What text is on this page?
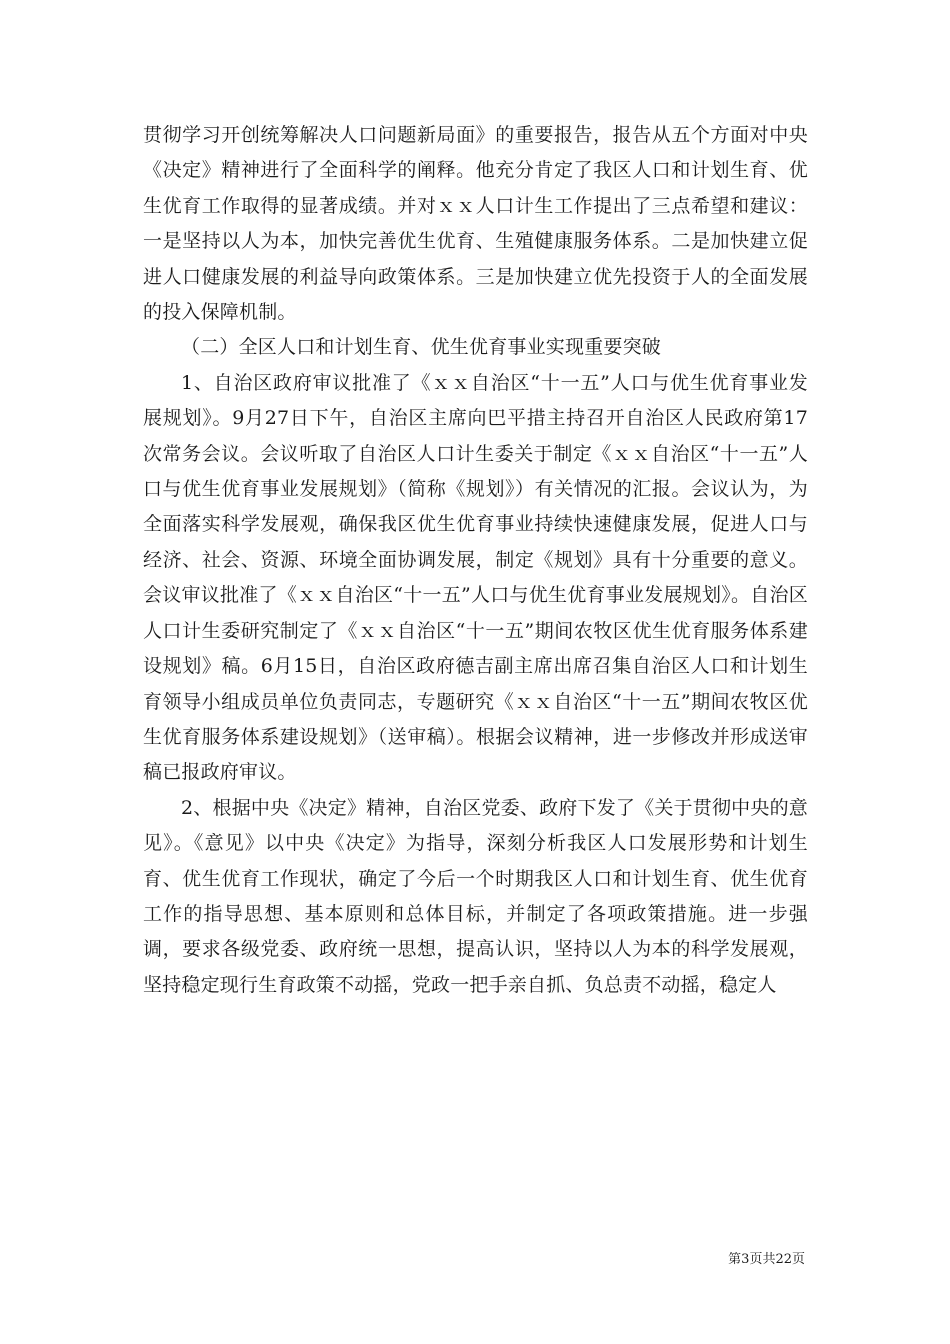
贯彻学习开创统筹解决人口问题新局面》的重要报告，报告从五个方面对中央《决定》精神进行了全面科学的阐释。他充分肯定了我区人口和计划生育、优生优育工作取得的显著成绩。并对ｘｘ人口计生工作提出了三点希望和建议：一是坚持以人为本，加快完善优生优育、生殖健康服务体系。二是加快建立促进人口健康发展的利益导向政策体系。三是加快建立优先投资于人的全面发展的投入保障机制。

（二）全区人口和计划生育、优生优育事业实现重要突破

1、自治区政府审议批准了《ｘｘ自治区“十一五”人口与优生优育事业发展规划》。9月27日下午，自治区主席向巴平措主持召开自治区人民政府第17次常务会议。会议听取了自治区人口计生委关于制定《ｘｘ自治区“十一五”人口与优生优育事业发展规划》（简称《规划》）有关情况的汇报。会议认为，为全面落实科学发展观，确保我区优生优育事业持续快速健康发展，促进人口与经济、社会、资源、环境全面协调发展，制定《规划》具有十分重要的意义。会议审议批准了《ｘｘ自治区“十一五”人口与优生优育事业发展规划》。自治区人口计生委研究制定了《ｘｘ自治区“十一五”期间农牧区优生优育服务体系建设规划》稿。6月15日，自治区政府德吉副主席出席召集自治区人口和计划生育领导小组成员单位负责同志，专题研究《ｘｘ自治区“十一五”期间农牧区优生优育服务体系建设规划》（送审稿）。根据会议精神，进一步修改并形成送审稿已报政府审议。

2、根据中央《决定》精神，自治区党委、政府下发了《关于贯彻中央的意见》。《意见》以中央《决定》为指导，深刻分析我区人口发展形势和计划生育、优生优育工作现状，确定了今后一个时期我区人口和计划生育、优生优育工作的指导思想、基本原则和总体目标，并制定了各项政策措施。进一步强调，要求各级党委、政府统一思想，提高认识，坚持以人为本的科学发展观，坚持稳定现行生育政策不动摇，党政一把手亲自抓、负总责不动摇，稳定人

第3页共22页
